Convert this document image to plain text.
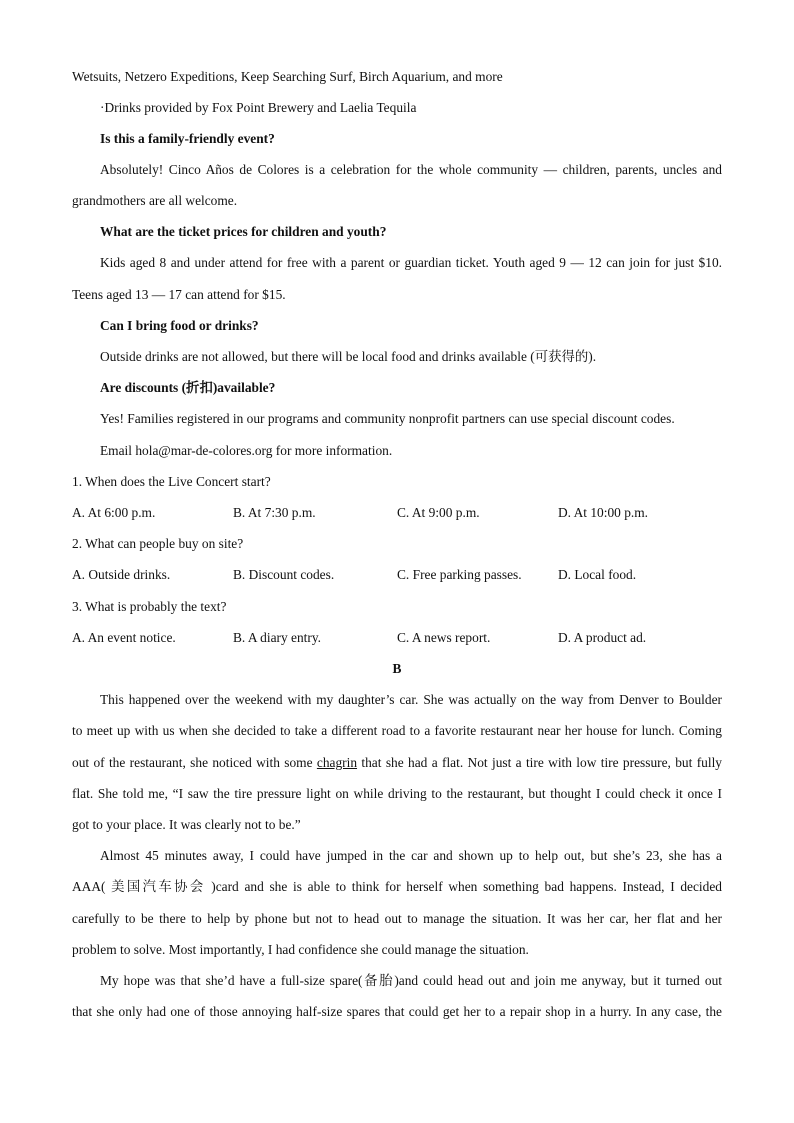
Wetsuits, Netzero Expeditions, Keep Searching Surf, Birch Aquarium, and more
·Drinks provided by Fox Point Brewery and Laelia Tequila
Is this a family-friendly event?
Absolutely! Cinco Años de Colores is a celebration for the whole community — children, parents, uncles and
grandmothers are all welcome.
What are the ticket prices for children and youth?
Kids aged 8 and under attend for free with a parent or guardian ticket. Youth aged 9 — 12 can join for just $10.
Teens aged 13 — 17 can attend for $15.
Can I bring food or drinks?
Outside drinks are not allowed, but there will be local food and drinks available (可获得的).
Are discounts (折扣)available?
Yes! Families registered in our programs and community nonprofit partners can use special discount codes.
Email hola@mar-de-colores.org for more information.
1. When does the Live Concert start?
A. At 6:00 p.m.	B. At 7:30 p.m.	C. At 9:00 p.m.	D. At 10:00 p.m.
2. What can people buy on site?
A. Outside drinks.	B. Discount codes.	C. Free parking passes.	D. Local food.
3. What is probably the text?
A. An event notice.	B. A diary entry.	C. A news report.	D. A product ad.
B
This happened over the weekend with my daughter’s car. She was actually on the way from Denver to Boulder
to meet up with us when she decided to take a different road to a favorite restaurant near her house for lunch. Coming
out of the restaurant, she noticed with some chagrin that she had a flat. Not just a tire with low tire pressure, but fully
flat. She told me, “I saw the tire pressure light on while driving to the restaurant, but thought I could check it once I
got to your place. It was clearly not to be.”
Almost 45 minutes away, I could have jumped in the car and shown up to help out, but she’s 23, she has a
AAA( 美国汽车协会 )card and she is able to think for herself when something bad happens. Instead, I decided
carefully to be there to help by phone but not to head out to manage the situation. It was her car, her flat and her
problem to solve. Most importantly, I had confidence she could manage the situation.
My hope was that she’d have a full-size spare(备胎)and could head out and join me anyway, but it turned out
that she only had one of those annoying half-size spares that could get her to a repair shop in a hurry. In any case, the
